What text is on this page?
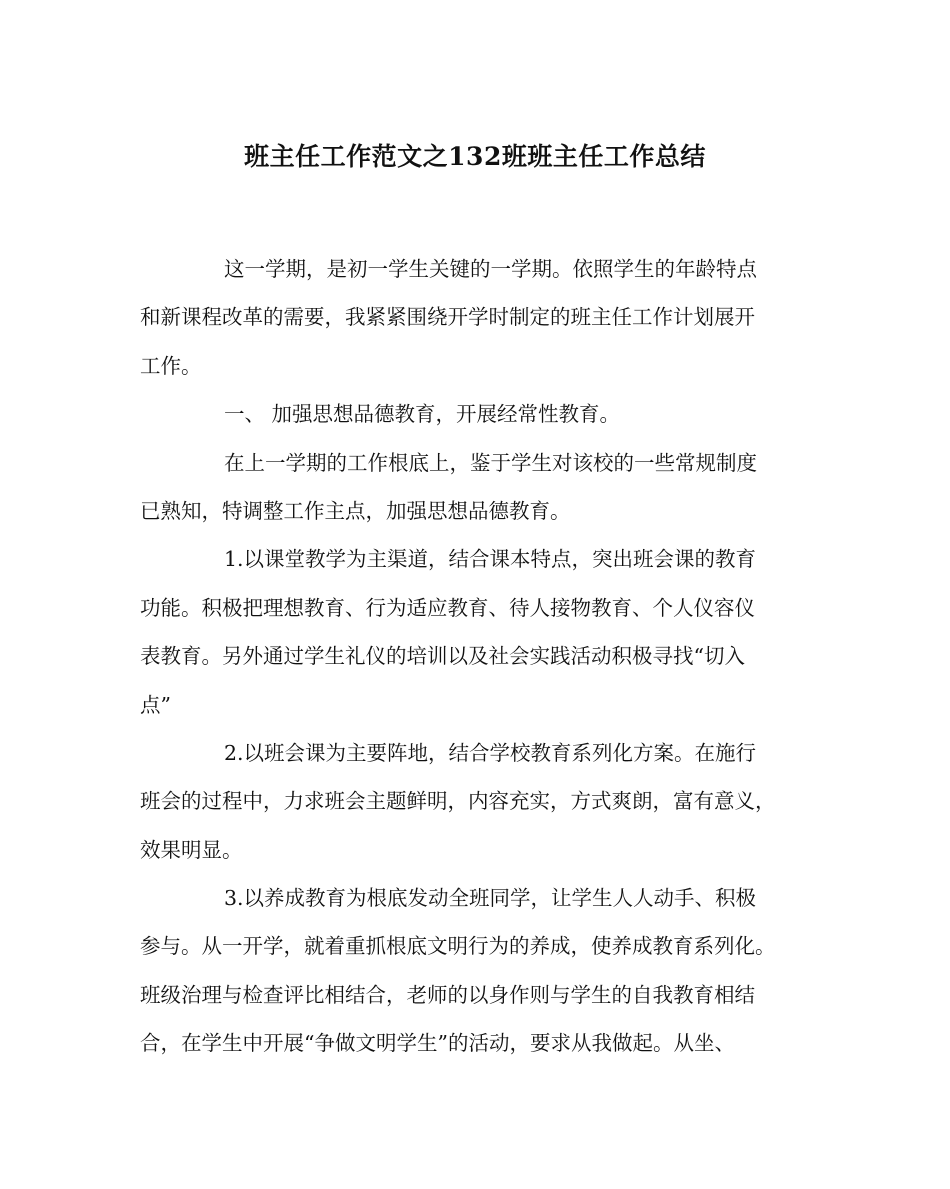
班主任工作范文之132班班主任工作总结
这一学期，是初一学生关键的一学期。依照学生的年龄特点
和新课程改革的需要，我紧紧围绕开学时制定的班主任工作计划展开
工作。
一、 加强思想品德教育，开展经常性教育。
在上一学期的工作根底上，鉴于学生对该校的一些常规制度
已熟知，特调整工作主点，加强思想品德教育。
1.以课堂教学为主渠道，结合课本特点，突出班会课的教育
功能。积极把理想教育、行为适应教育、待人接物教育、个人仪容仪
表教育。另外通过学生礼仪的培训以及社会实践活动积极寻找“切入
点”
2.以班会课为主要阵地，结合学校教育系列化方案。在施行
班会的过程中，力求班会主题鲜明，内容充实，方式爽朗，富有意义，
效果明显。
3.以养成教育为根底发动全班同学，让学生人人动手、积极
参与。从一开学，就着重抓根底文明行为的养成，使养成教育系列化。
班级治理与检查评比相结合，老师的以身作则与学生的自我教育相结
合，在学生中开展“争做文明学生”的活动，要求从我做起。从坐、
